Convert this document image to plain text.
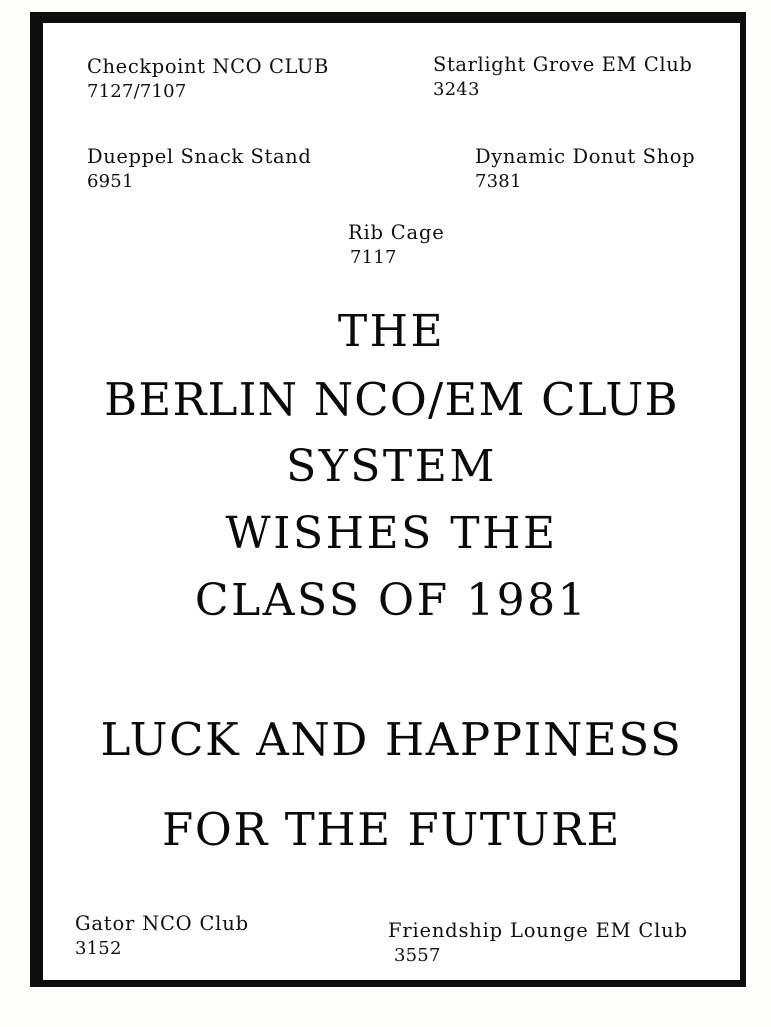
Checkpoint NCO CLUB
7127/7107
Starlight Grove EM Club
3243
Dueppel Snack Stand
6951
Dynamic Donut Shop
7381
Rib Cage
7117
THE
BERLIN NCO/EM CLUB
SYSTEM
WISHES THE
CLASS OF 1981
LUCK AND HAPPINESS
FOR THE FUTURE
Gator NCO Club
3152
Friendship Lounge EM Club
3557
